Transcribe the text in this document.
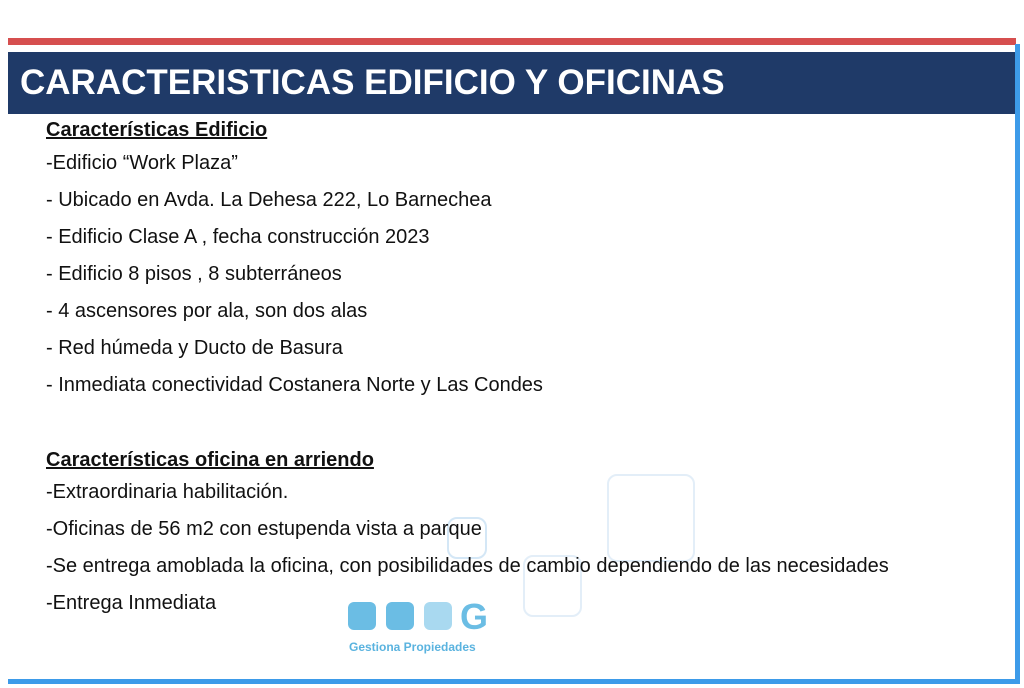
CARACTERISTICAS EDIFICIO Y OFICINAS
Características Edificio
-Edificio “Work Plaza”
- Ubicado en Avda. La Dehesa 222, Lo Barnechea
- Edificio Clase A , fecha construcción 2023
- Edificio 8 pisos , 8 subterráneos
- 4 ascensores por ala, son dos alas
- Red húmeda y Ducto de Basura
- Inmediata conectividad Costanera Norte y Las Condes
Características oficina en arriendo
-Extraordinaria habilitación.
-Oficinas de 56 m2 con estupenda vista a parque
-Se entrega amoblada la oficina, con posibilidades de cambio dependiendo de las necesidades
-Entrega Inmediata	G
Gestiona Propiedades
